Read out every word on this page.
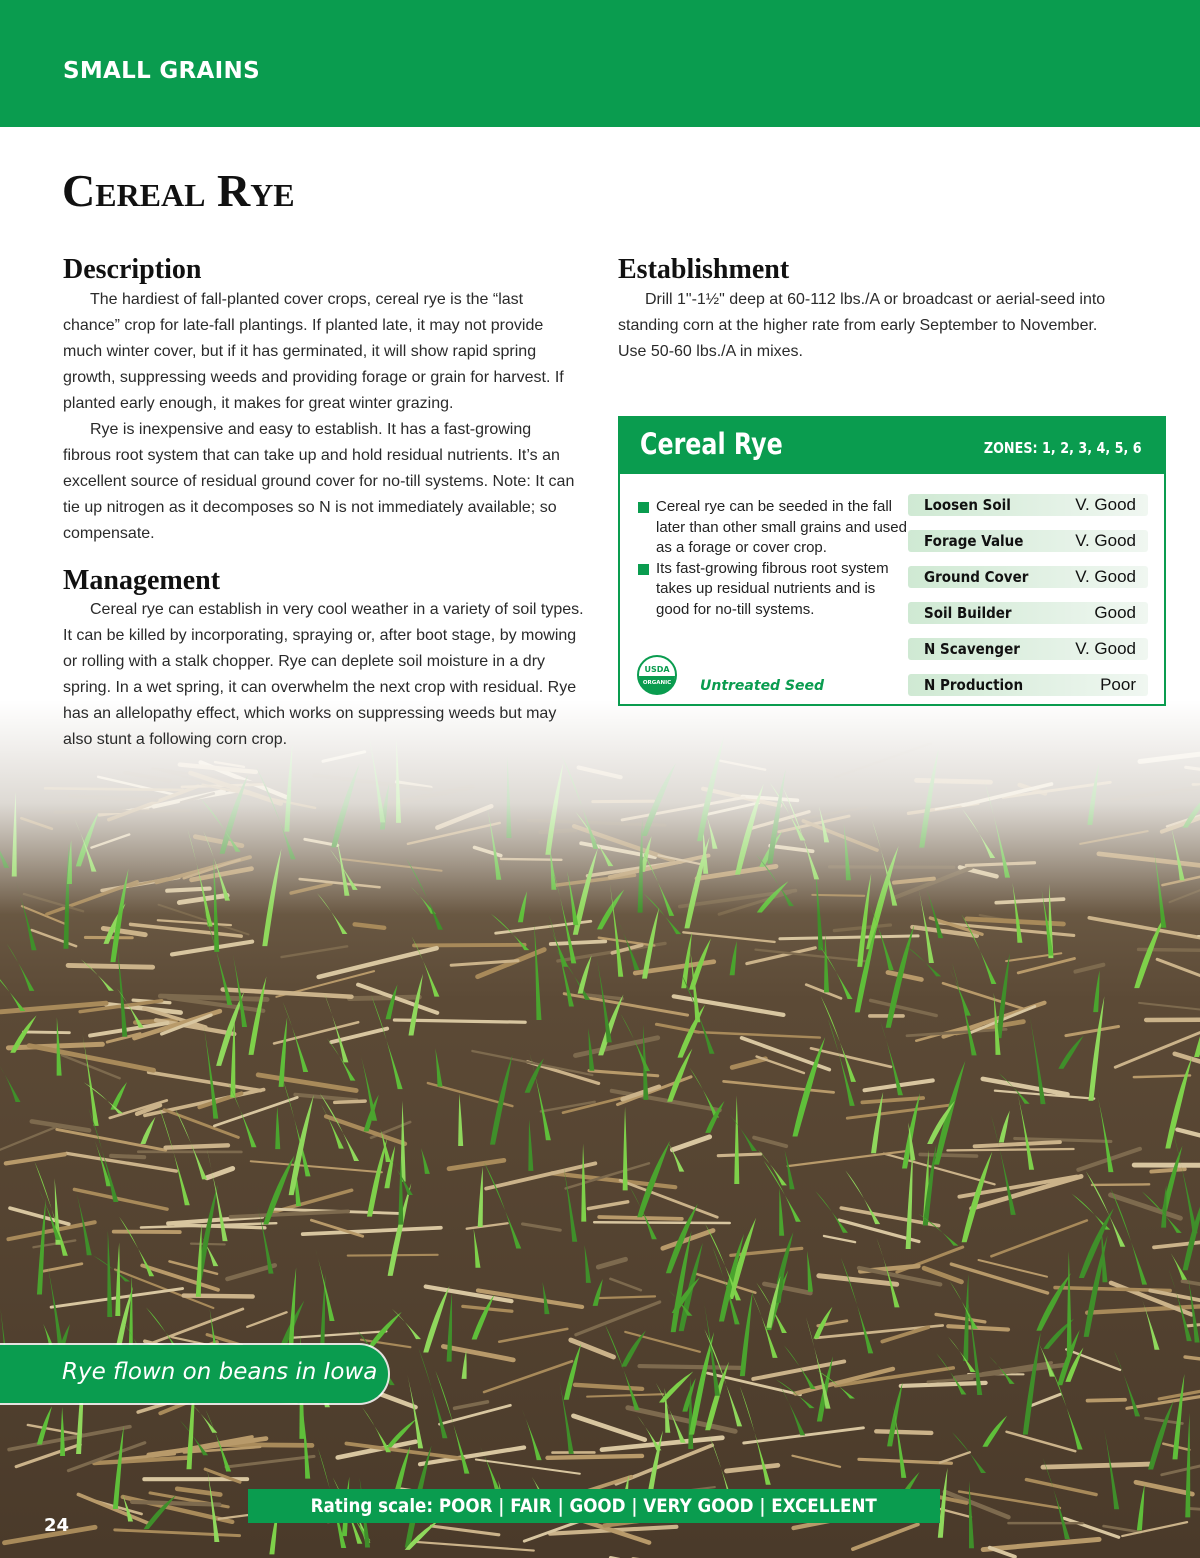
SMALL GRAINS
Cereal Rye
Description

The hardiest of fall-planted cover crops, cereal rye is the “last chance” crop for late-fall plantings. If planted late, it may not provide much winter cover, but if it has germinated, it will show rapid spring growth, suppressing weeds and providing forage or grain for harvest. If planted early enough, it makes for great winter grazing.

Rye is inexpensive and easy to establish. It has a fast-growing fibrous root system that can take up and hold residual nutrients. It’s an excellent source of residual ground cover for no-till systems. Note: It can tie up nitrogen as it decomposes so N is not immediately available; so compensate.

Management

Cereal rye can establish in very cool weather in a variety of soil types. It can be killed by incorporating, spraying or, after boot stage, by mowing or rolling with a stalk chopper. Rye can deplete soil moisture in a dry spring. In a wet spring, it can overwhelm the next crop with residual. Rye has an allelopathy effect, which works on suppressing weeds but may also stunt a following corn crop.

Establishment

Drill 1"-1½" deep at 60-112 lbs./A or broadcast or aerial-seed into standing corn at the higher rate from early September to November. Use 50-60 lbs./A in mixes.

Cereal Rye	ZONES: 1, 2, 3, 4, 5, 6
Cereal rye can be seeded in the fall later than other small grains and used as a forage or cover crop.
Its fast-growing fibrous root system takes up residual nutrients and is good for no-till systems.
USDA
ORGANIC Untreated Seed
Loosen Soil	V. Good
Forage Value	V. Good
Ground Cover	V. Good
Soil Builder	Good
N Scavenger	V. Good
N Production	Poor
Rye flown on beans in Iowa
Rating scale: POOR | FAIR | GOOD | VERY GOOD | EXCELLENT
24
